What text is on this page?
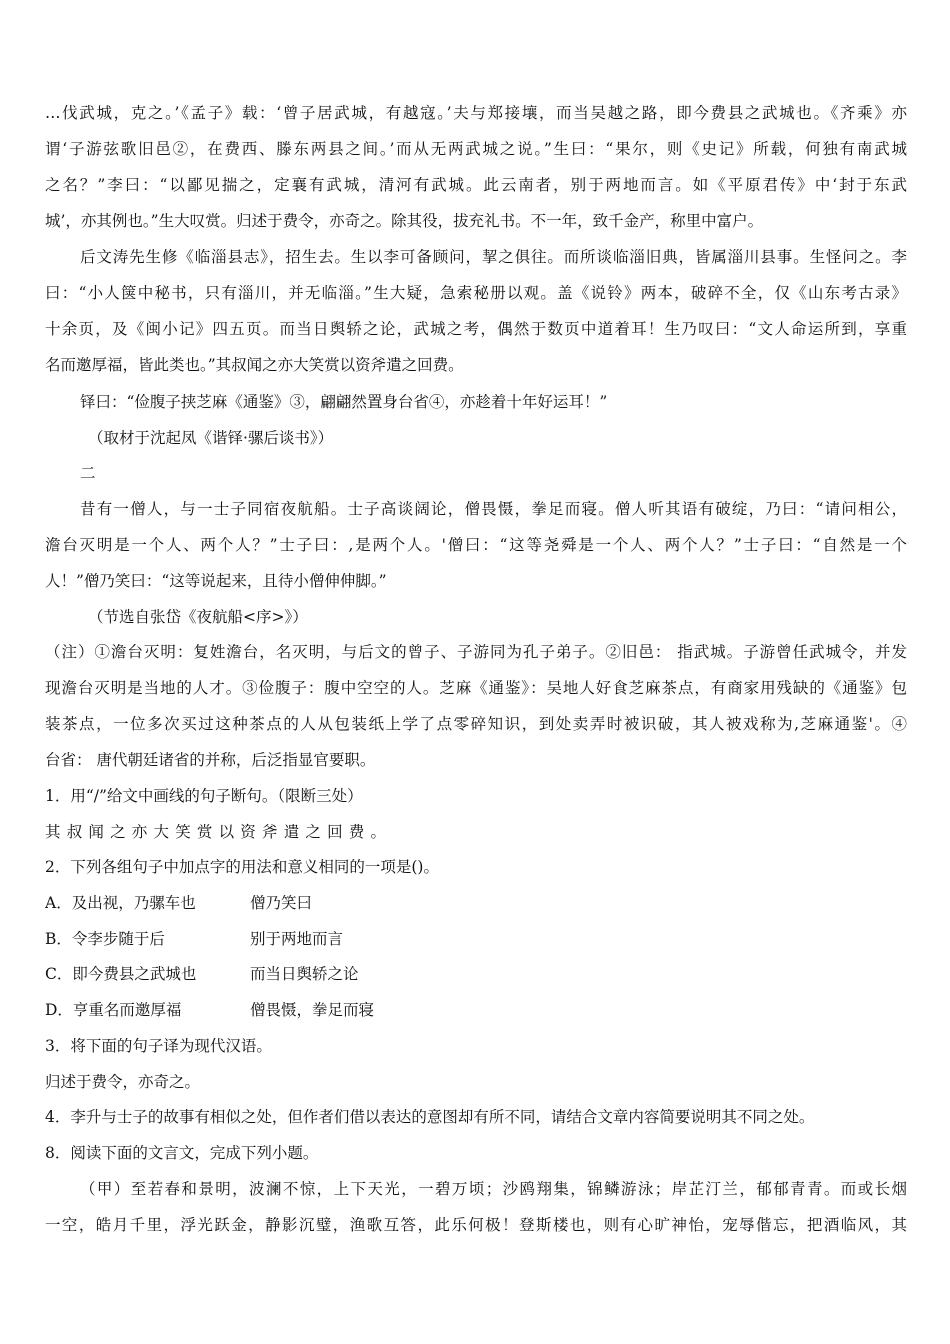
…伐武城，克之。’《孟子》载：‘曾子居武城，有越寇。’夫与郑接壤，而当吴越之路，即今费县之武城也。《齐乘》亦
谓‘子游弦歌旧邑②，在费西、滕东两县之间。’而从无两武城之说。”生曰：“果尔，则《史记》所载，何独有南武城
之名？”李曰：“以鄙见揣之，定襄有武城，清河有武城。此云南者，别于两地而言。如《平原君传》中‘封于东武
城’，亦其例也。”生大叹赏。归述于费令，亦奇之。除其役，拔充礼书。不一年，致千金产，称里中富户。
后文涛先生修《临淄县志》，招生去。生以李可备顾问，挈之俱往。而所谈临淄旧典，皆属淄川县事。生怪问之。李
曰：“小人箧中秘书，只有淄川，并无临淄。”生大疑，急索秘册以观。盖《说铃》两本，破碎不全，仅《山东考古录》
十余页，及《闽小记》四五页。而当日舆轿之论，武城之考，偶然于数页中道着耳！生乃叹曰：“文人命运所到，享重
名而邀厚福，皆此类也。”其叔闻之亦大笑赏以资斧遣之回费。
铎曰：“俭腹子挟芝麻《通鉴》③，翩翩然置身台省④，亦趁着十年好运耳！”
（取材于沈起凤《谐铎·骡后谈书》）
二
昔有一僧人，与一士子同宿夜航船。士子高谈阔论，僧畏慑，拳足而寝。僧人听其语有破绽，乃曰：“请问相公，
澹台灭明是一个人、两个人？”士子曰：,是两个人。'僧曰：“这等尧舜是一个人、两个人？”士子曰：“自然是一个
人！”僧乃笑曰：“这等说起来，且待小僧伸伸脚。”
（节选自张岱《夜航船<序>》）
（注）①澹台灭明：复姓澹台，名灭明，与后文的曾子、子游同为孔子弟子。②旧邑： 指武城。子游曾任武城令，并发
现澹台灭明是当地的人才。③俭腹子：腹中空空的人。芝麻《通鉴》：吴地人好食芝麻茶点，有商家用残缺的《通鉴》包
装茶点，一位多次买过这种茶点的人从包装纸上学了点零碎知识，到处卖弄时被识破，其人被戏称为,芝麻通鉴'。④
台省： 唐代朝廷诸省的并称，后泛指显官要职。
1．用“/”给文中画线的句子断句。（限断三处）
其叔闻之亦大笑赏以资斧遣之回费。
2．下列各组句子中加点字的用法和意义相同的一项是()。
A．及出视，乃骡车也	僧乃笑曰
B．令李步随于后	别于两地而言
C．即今费县之武城也	而当日舆轿之论
D．亨重名而邀厚福	僧畏慑，拳足而寝
3．将下面的句子译为现代汉语。
归述于费令，亦奇之。
4．李升与士子的故事有相似之处，但作者们借以表达的意图却有所不同，请结合文章内容简要说明其不同之处。
8．阅读下面的文言文，完成下列小题。
（甲）至若春和景明，波澜不惊，上下天光，一碧万顷；沙鸥翔集，锦鳞游泳；岸芷汀兰，郁郁青青。而或长烟
一空，皓月千里，浮光跃金，静影沉璧，渔歌互答，此乐何极！登斯楼也，则有心旷神怡，宠辱偕忘，把酒临风，其
